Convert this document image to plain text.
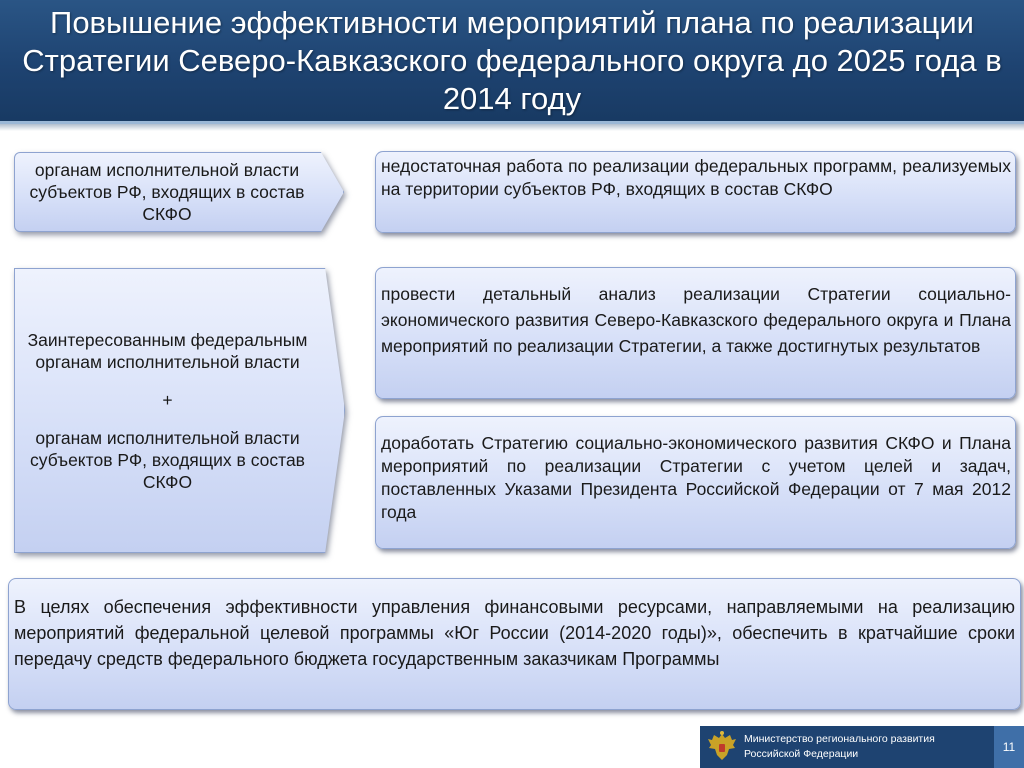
Повышение эффективности мероприятий плана по реализации Стратегии Северо-Кавказского федерального округа до 2025 года в 2014 году
органам исполнительной власти субъектов РФ, входящих в состав СКФО
Заинтересованным федеральным органам исполнительной власти
+
органам исполнительной власти субъектов РФ, входящих в состав СКФО
недостаточная работа по реализации федеральных программ, реализуемых на территории субъектов РФ, входящих в состав СКФО
провести детальный анализ реализации Стратегии социально-экономического развития Северо-Кавказского федерального округа и Плана мероприятий по реализации Стратегии, а также достигнутых результатов
доработать Стратегию социально-экономического развития СКФО и Плана мероприятий по реализации Стратегии с учетом целей и задач, поставленных Указами Президента Российской Федерации от 7 мая 2012 года
В целях обеспечения эффективности управления финансовыми ресурсами, направляемыми на реализацию мероприятий федеральной целевой программы «Юг России (2014-2020 годы)», обеспечить в кратчайшие сроки передачу средств федерального бюджета государственным заказчикам Программы
Министерство регионального развития
Российской Федерации	11
